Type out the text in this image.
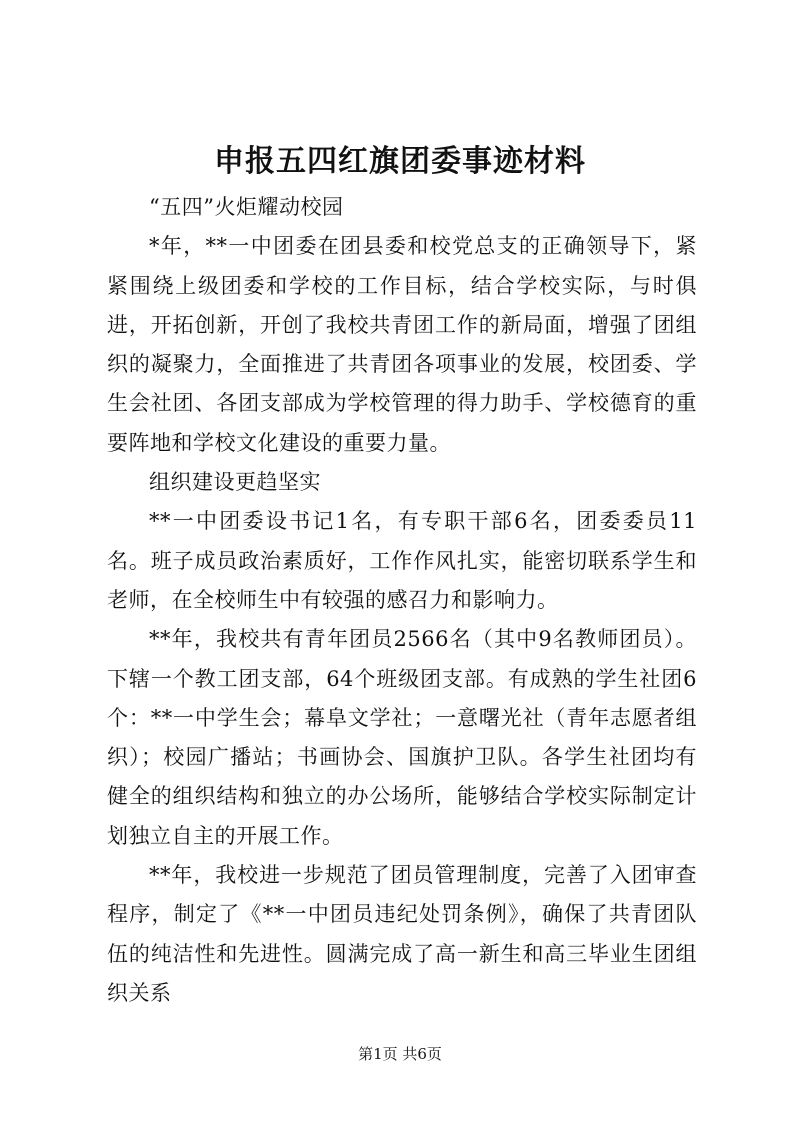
申报五四红旗团委事迹材料

“五四”火炬耀动校园

*年，**一中团委在团县委和校党总支的正确领导下，紧紧围绕上级团委和学校的工作目标，结合学校实际，与时俱进，开拓创新，开创了我校共青团工作的新局面，增强了团组织的凝聚力，全面推进了共青团各项事业的发展，校团委、学生会社团、各团支部成为学校管理的得力助手、学校德育的重要阵地和学校文化建设的重要力量。

组织建设更趋坚实

**一中团委设书记1名，有专职干部6名，团委委员11名。班子成员政治素质好，工作作风扎实，能密切联系学生和老师，在全校师生中有较强的感召力和影响力。

**年，我校共有青年团员2566名（其中9名教师团员）。下辖一个教工团支部，64个班级团支部。有成熟的学生社团6个：**一中学生会；幕阜文学社；一意曙光社（青年志愿者组织）；校园广播站；书画协会、国旗护卫队。各学生社团均有健全的组织结构和独立的办公场所，能够结合学校实际制定计划独立自主的开展工作。

**年，我校进一步规范了团员管理制度，完善了入团审查程序，制定了《**一中团员违纪处罚条例》，确保了共青团队伍的纯洁性和先进性。圆满完成了高一新生和高三毕业生团组织关系

第1页 共6页
